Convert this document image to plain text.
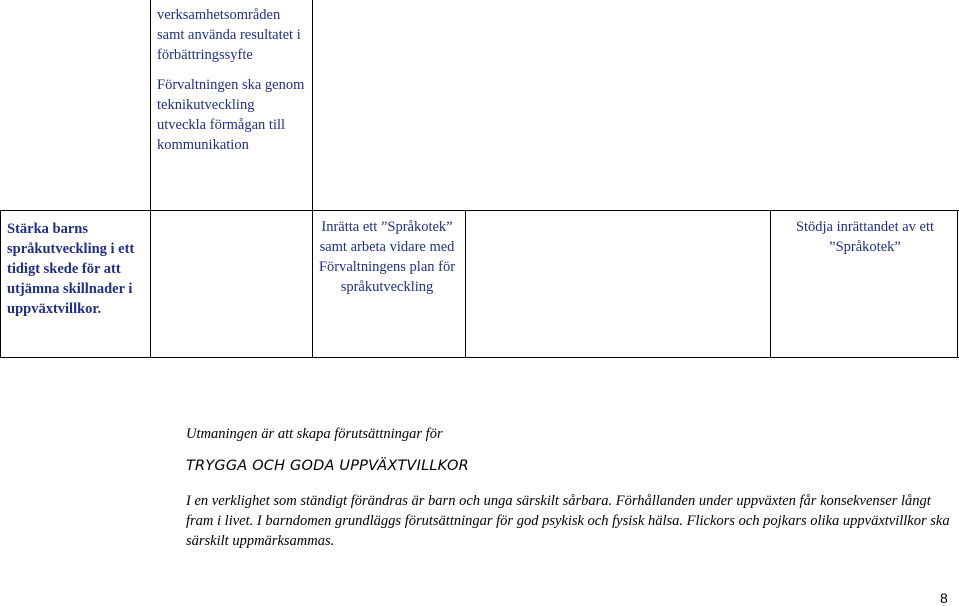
verksamhetsområden samt använda resultatet i förbättringssyfte

Förvaltningen ska genom teknikutveckling utveckla förmågan till kommunikation

Stärka barns språkutveckling i ett tidigt skede för att utjämna skillnader i uppväxtvillkor.
Inrätta ett ”Språkotek” samt arbeta vidare med Förvaltningens plan för språkutveckling
Stödja inrättandet av ett ”Språkotek”
Utmaningen är att skapa förutsättningar för
TRYGGA OCH GODA UPPVÄXTVILLKOR
I en verklighet som ständigt förändras är barn och unga särskilt sårbara. Förhållanden under uppväxten får konsekvenser långt fram i livet. I barndomen grundläggs förutsättningar för god psykisk och fysisk hälsa. Flickors och pojkars olika uppväxtvillkor ska särskilt uppmärksammas.
8
